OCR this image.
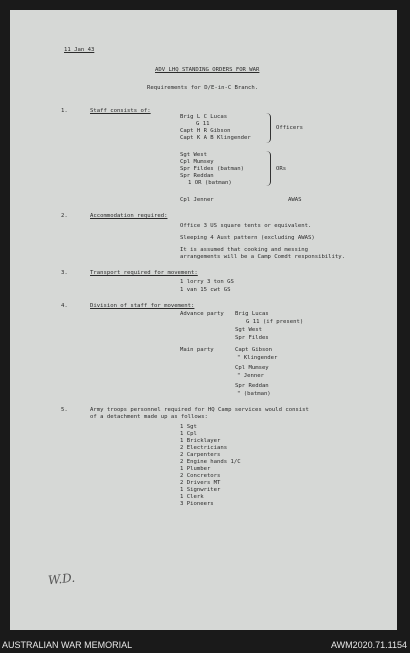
11 Jan 43
ADV LHQ STANDING ORDERS FOR WAR
Requirements for D/E-in-C Branch.
1.	Staff consists of:
Brig L C Lucas
G 11
Capt H R Gibson
Capt K A B Klingender
Officers
Sgt West
Cpl Mumsey
Spr Fildes (batman)
Spr Reddan
1 OR (batman)
ORs
Cpl Jenner	AWAS
2.	Accommodation required:
Office 3 US square tents or equivalent.
Sleeping 4 Aust pattern (excluding AWAS)
It is assumed that cooking and messing
arrangements will be a Camp Comdt responsibility.
3.	Transport required for movement:
1 lorry 3 ton GS
1 van 15 cwt GS
4.	Division of staff for movement:
Advance party Brig Lucas
G 11 (if present)
Sgt West
Spr Fildes
Main party	Capt Gibson
" Klingender
Cpl Mumsey
" Jenner
Spr Reddan
" (batman)
5.	Army troops personnel required for HQ Camp services would consist
of a detachment made up as follows:
1 Sgt
1 Cpl
1 Bricklayer
2 Electricians
2 Carpenters
2 Engine hands 1/C
1 Plumber
2 Concretors
2 Drivers MT
1 Signwriter
1 Clerk
3 Pioneers
W.D.
AUSTRALIAN WAR MEMORIAL	AWM2020.71.1154
